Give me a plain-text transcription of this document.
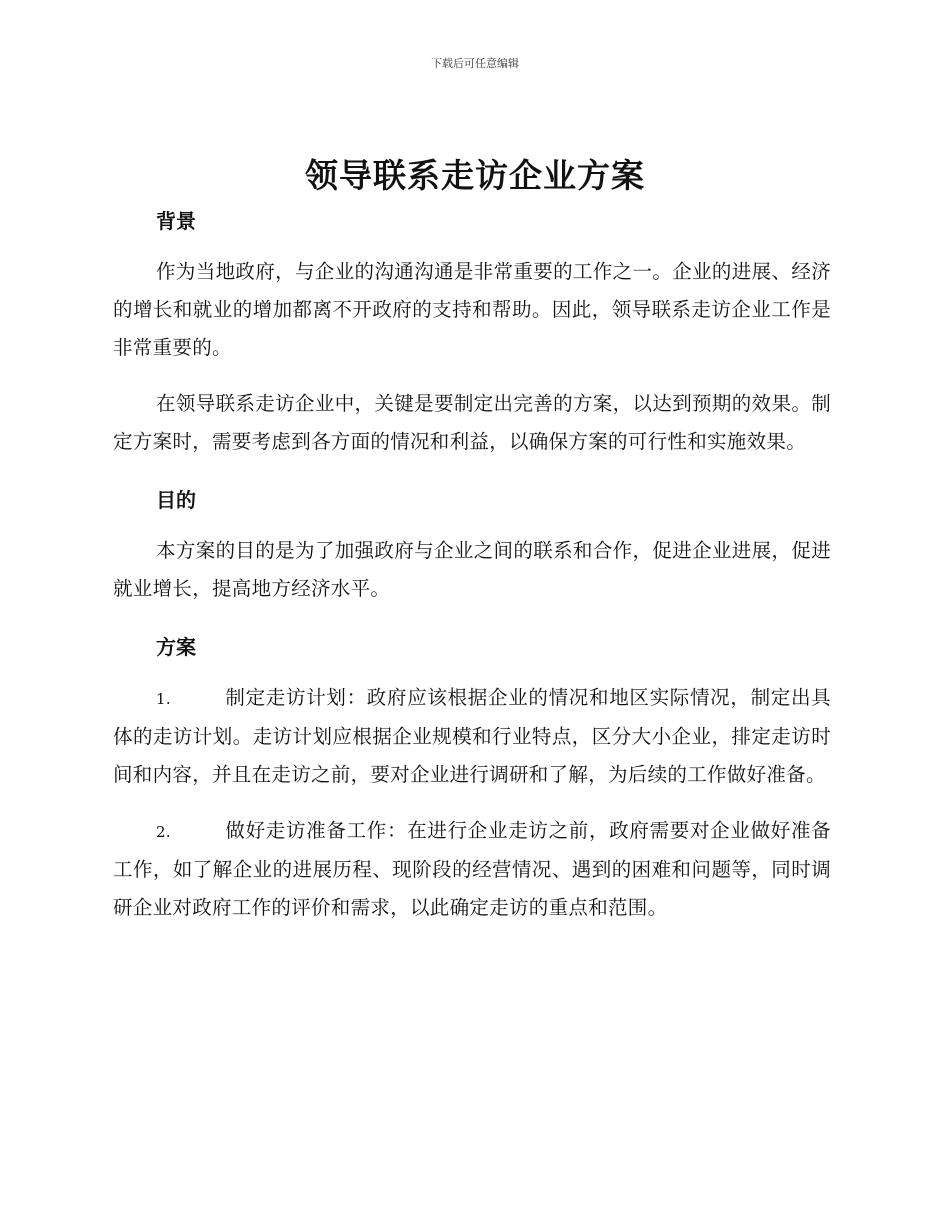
下载后可任意编辑
领导联系走访企业方案
背景

作为当地政府，与企业的沟通沟通是非常重要的工作之一。企业的进展、经济的增长和就业的增加都离不开政府的支持和帮助。因此，领导联系走访企业工作是非常重要的。

在领导联系走访企业中，关键是要制定出完善的方案，以达到预期的效果。制定方案时，需要考虑到各方面的情况和利益，以确保方案的可行性和实施效果。

目的

本方案的目的是为了加强政府与企业之间的联系和合作，促进企业进展，促进就业增长，提高地方经济水平。

方案

1.	制定走访计划：政府应该根据企业的情况和地区实际情况，制定出具体的走访计划。走访计划应根据企业规模和行业特点，区分大小企业，排定走访时间和内容，并且在走访之前，要对企业进行调研和了解，为后续的工作做好准备。

2.	做好走访准备工作：在进行企业走访之前，政府需要对企业做好准备工作，如了解企业的进展历程、现阶段的经营情况、遇到的困难和问题等，同时调研企业对政府工作的评价和需求，以此确定走访的重点和范围。
